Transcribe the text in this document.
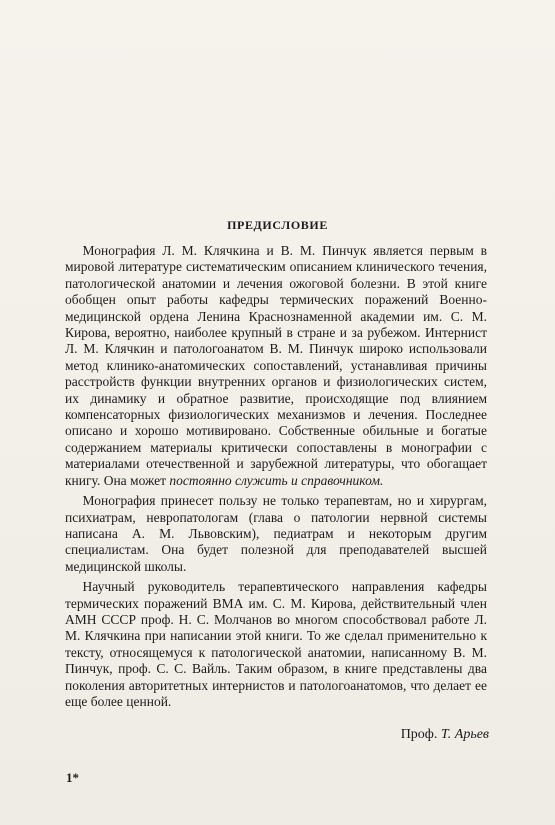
ПРЕДИСЛОВИЕ

Монография Л. М. Клячкина и В. М. Пинчук является первым в мировой литературе систематическим описанием клинического течения, патологической анатомии и лечения ожоговой болезни. В этой книге обобщен опыт работы кафедры термических поражений Военно-медицинской ордена Ленина Краснознаменной академии им. С. М. Кирова, вероятно, наиболее крупный в стране и за рубежом. Интернист Л. М. Клячкин и патологоанатом В. М. Пинчук широко использовали метод клинико-анатомических сопоставлений, устанавливая причины расстройств функции внутренних органов и физиологических систем, их динамику и обратное развитие, происходящие под влиянием компенсаторных физиологических механизмов и лечения. Последнее описано и хорошо мотивировано. Собственные обильные и богатые содержанием материалы критически сопоставлены в монографии с материалами отечественной и зарубежной литературы, что обогащает книгу. Она может постоянно служить и справочником.

Монография принесет пользу не только терапевтам, но и хирургам, психиатрам, невропатологам (глава о патологии нервной системы написана А. М. Львовским), педиатрам и некоторым другим специалистам. Она будет полезной для преподавателей высшей медицинской школы.

Научный руководитель терапевтического направления кафедры термических поражений ВМА им. С. М. Кирова, действительный член АМН СССР проф. Н. С. Молчанов во многом способствовал работе Л. М. Клячкина при написании этой книги. То же сделал применительно к тексту, относящемуся к патологической анатомии, написанному В. М. Пинчук, проф. С. С. Вайль. Таким образом, в книге представлены два поколения авторитетных интернистов и патологоанатомов, что делает ее еще более ценной.

Проф. Т. Арьев

1*
